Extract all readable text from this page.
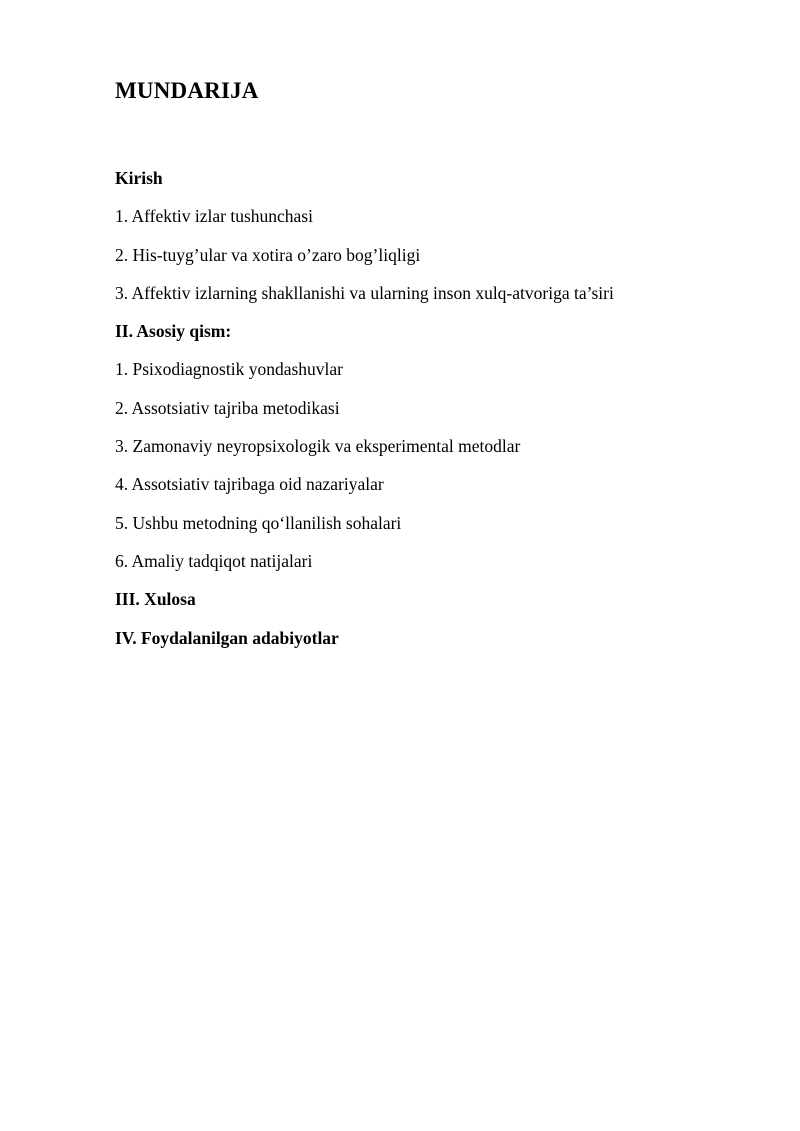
MUNDARIJA
Kirish
1. Affektiv izlar tushunchasi
2. His-tuyg’ular va xotira o’zaro bog’liqligi
3. Affektiv izlarning shakllanishi va ularning inson xulq-atvoriga ta’siri
II. Asosiy qism:
1. Psixodiagnostik yondashuvlar
2. Assotsiativ tajriba metodikasi
3. Zamonaviy neyropsixologik va eksperimental metodlar
4. Assotsiativ tajribaga oid nazariyalar
5. Ushbu metodning qo‘llanilish sohalari
6. Amaliy tadqiqot natijalari
III. Xulosa
IV. Foydalanilgan adabiyotlar
